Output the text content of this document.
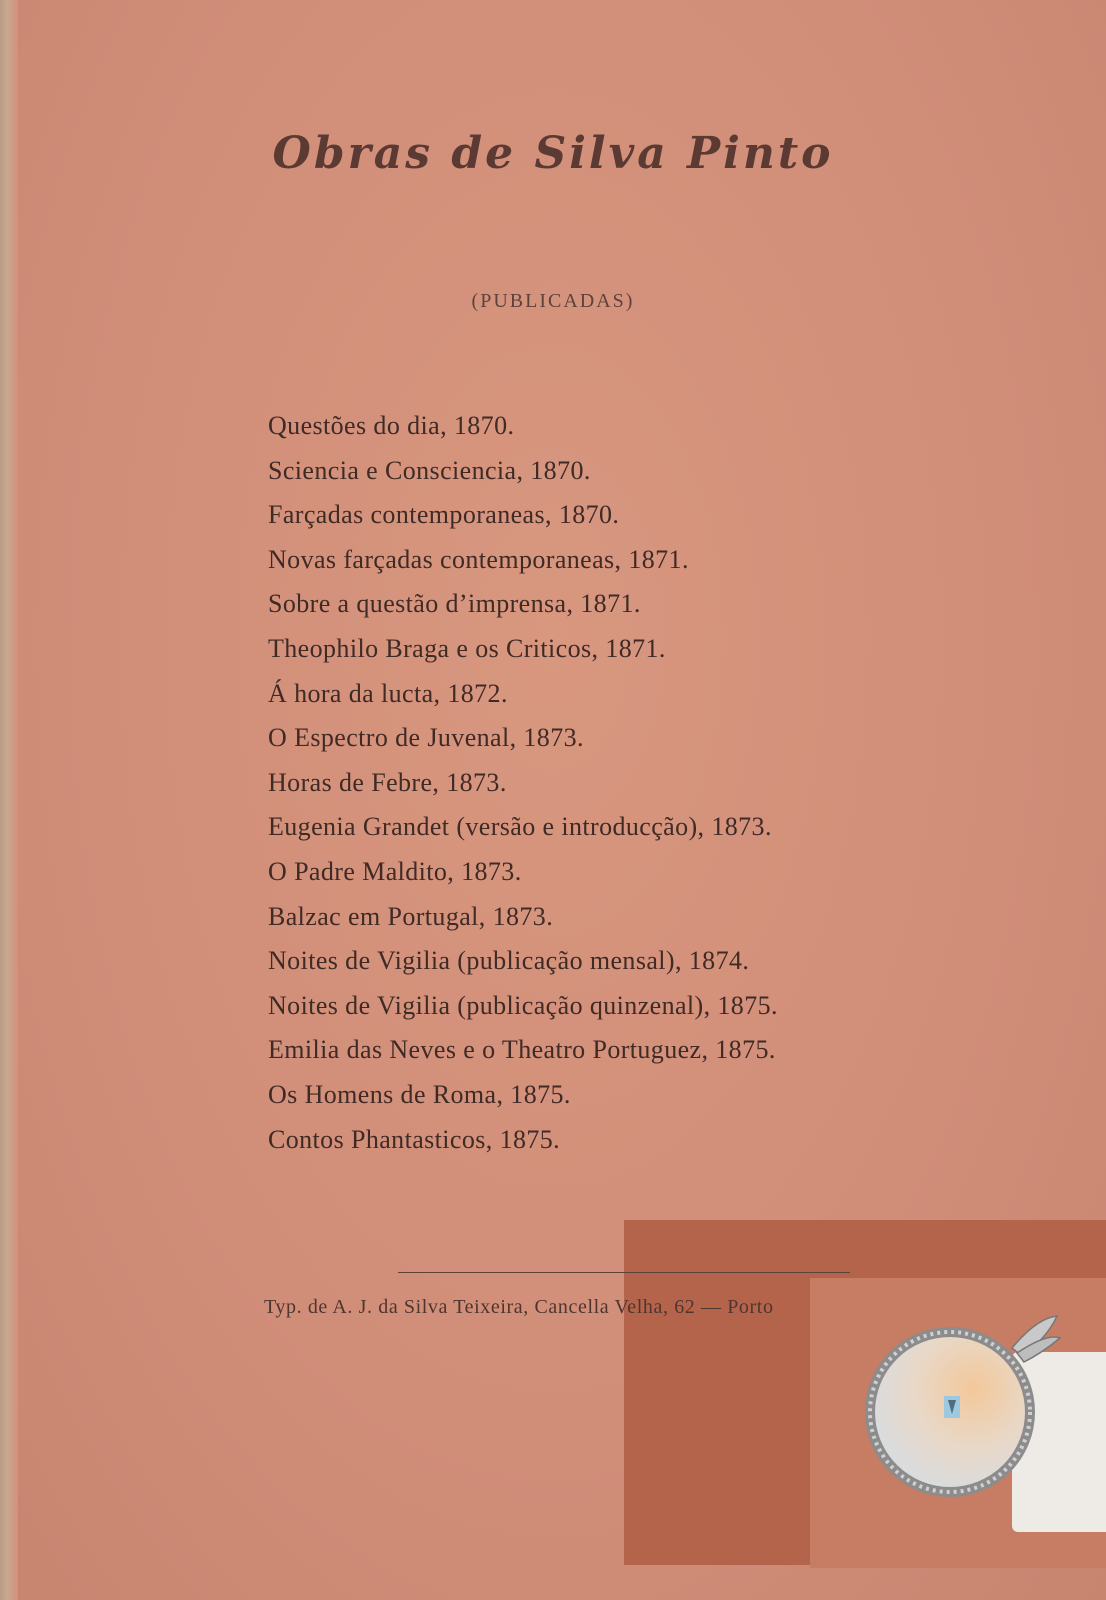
Obras de Silva Pinto
(PUBLICADAS)
Questões do dia, 1870.
Sciencia e Consciencia, 1870.
Farçadas contemporaneas, 1870.
Novas farçadas contemporaneas, 1871.
Sobre a questão d’imprensa, 1871.
Theophilo Braga e os Criticos, 1871.
Á hora da lucta, 1872.
O Espectro de Juvenal, 1873.
Horas de Febre, 1873.
Eugenia Grandet (versão e introducção), 1873.
O Padre Maldito, 1873.
Balzac em Portugal, 1873.
Noites de Vigilia (publicação mensal), 1874.
Noites de Vigilia (publicação quinzenal), 1875.
Emilia das Neves e o Theatro Portuguez, 1875.
Os Homens de Roma, 1875.
Contos Phantasticos, 1875.
Typ. de A. J. da Silva Teixeira, Cancella Velha, 62 — Porto
